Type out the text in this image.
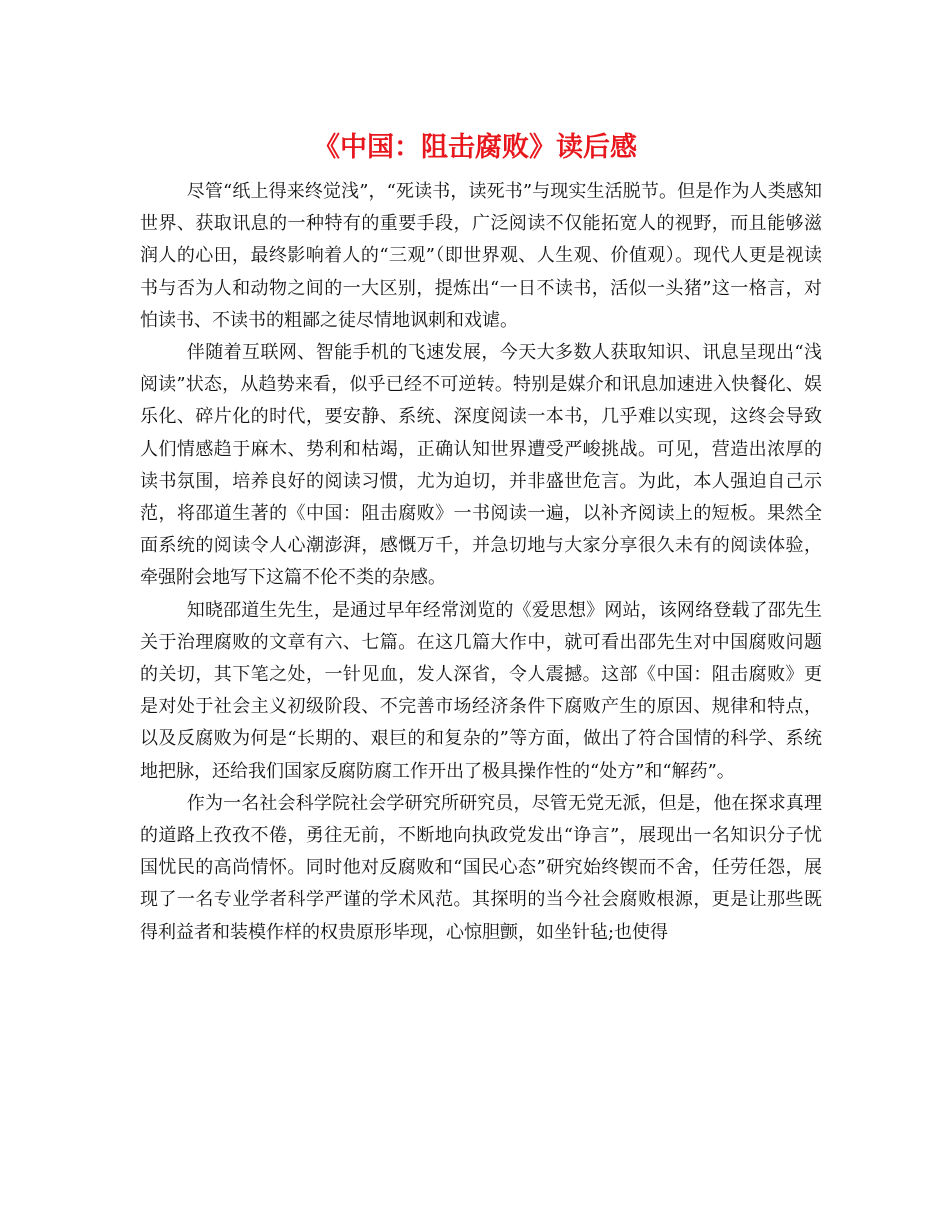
《中国：阻击腐败》读后感

尽管“纸上得来终觉浅”，“死读书，读死书”与现实生活脱节。但是作为人类感知世界、获取讯息的一种特有的重要手段，广泛阅读不仅能拓宽人的视野，而且能够滋润人的心田，最终影响着人的“三观”（即世界观、人生观、价值观）。现代人更是视读书与否为人和动物之间的一大区别，提炼出“一日不读书，活似一头猪”这一格言，对怕读书、不读书的粗鄙之徒尽情地讽刺和戏谑。

伴随着互联网、智能手机的飞速发展，今天大多数人获取知识、讯息呈现出“浅阅读”状态，从趋势来看，似乎已经不可逆转。特别是媒介和讯息加速进入快餐化、娱乐化、碎片化的时代，要安静、系统、深度阅读一本书，几乎难以实现，这终会导致人们情感趋于麻木、势利和枯竭，正确认知世界遭受严峻挑战。可见，营造出浓厚的读书氛围，培养良好的阅读习惯，尤为迫切，并非盛世危言。为此，本人强迫自己示范，将邵道生著的《中国：阻击腐败》一书阅读一遍，以补齐阅读上的短板。果然全面系统的阅读令人心潮澎湃，感慨万千，并急切地与大家分享很久未有的阅读体验，牵强附会地写下这篇不伦不类的杂感。

知晓邵道生先生，是通过早年经常浏览的《爱思想》网站，该网络登载了邵先生关于治理腐败的文章有六、七篇。在这几篇大作中，就可看出邵先生对中国腐败问题的关切，其下笔之处，一针见血，发人深省，令人震撼。这部《中国：阻击腐败》更是对处于社会主义初级阶段、不完善市场经济条件下腐败产生的原因、规律和特点，以及反腐败为何是“长期的、艰巨的和复杂的”等方面，做出了符合国情的科学、系统地把脉，还给我们国家反腐防腐工作开出了极具操作性的“处方”和“解药”。

作为一名社会科学院社会学研究所研究员，尽管无党无派，但是，他在探求真理的道路上孜孜不倦，勇往无前，不断地向执政党发出“诤言”，展现出一名知识分子忧国忧民的高尚情怀。同时他对反腐败和“国民心态”研究始终锲而不舍，任劳任怨，展现了一名专业学者科学严谨的学术风范。其探明的当今社会腐败根源，更是让那些既得利益者和装模作样的权贵原形毕现，心惊胆颤，如坐针毡;也使得
